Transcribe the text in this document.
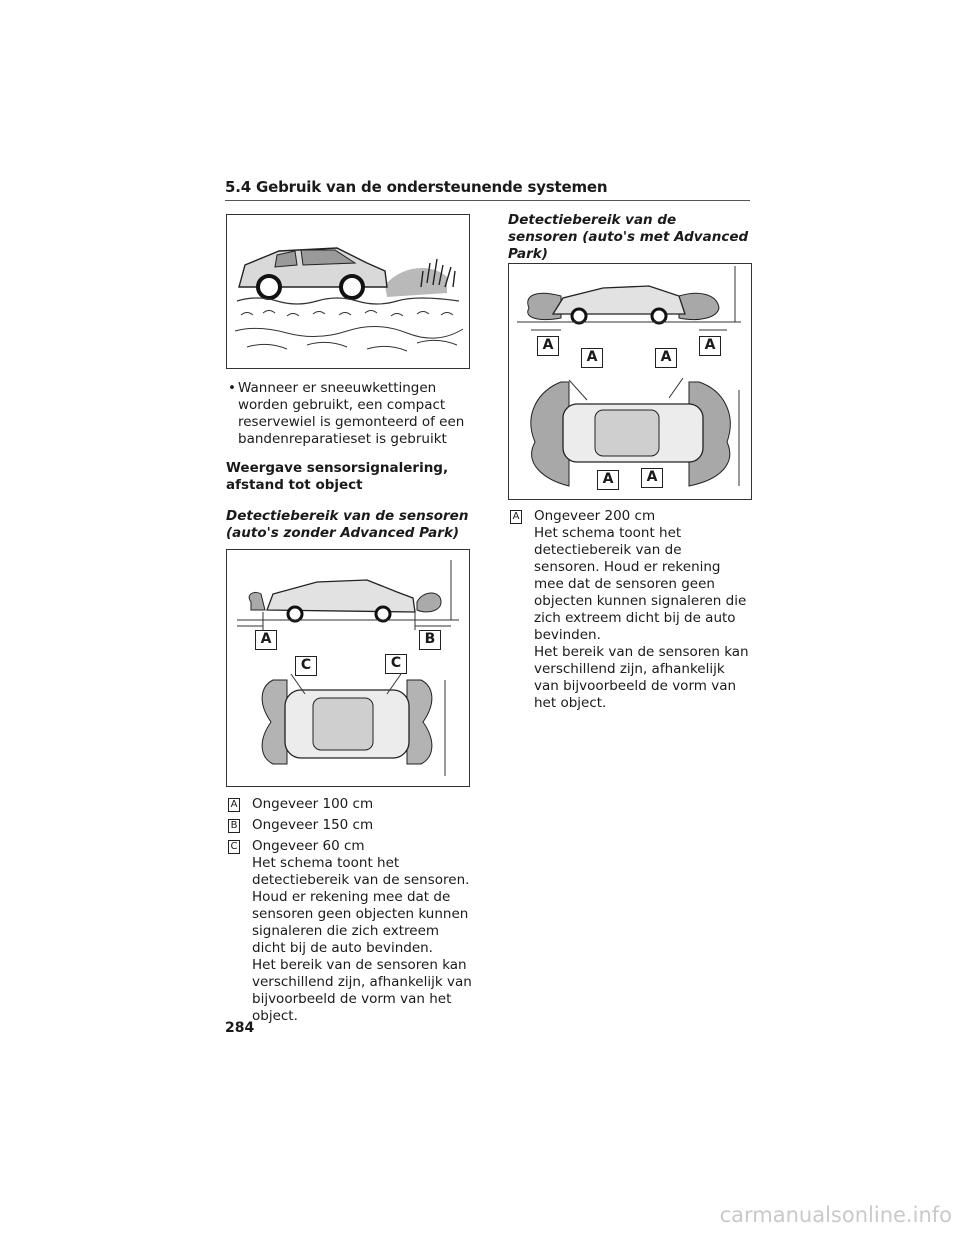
5.4 Gebruik van de ondersteunende systemen

• Wanneer er sneeuwkettingen worden gebruikt, een compact reservewiel is gemonteerd of een bandenreparatieset is gebruikt

Weergave sensorsignalering, afstand tot object

Detectiebereik van de sensoren (auto's zonder Advanced Park)

A	B
C	C

A Ongeveer 100 cm

B Ongeveer 150 cm

C Ongeveer 60 cm

Het schema toont het detectiebereik van de sensoren. Houd er rekening mee dat de sensoren geen objecten kunnen signaleren die zich extreem dicht bij de auto bevinden.

Het bereik van de sensoren kan verschillend zijn, afhankelijk van bijvoorbeeld de vorm van het object.

Detectiebereik van de sensoren (auto's met Advanced Park)

A	A
A	A
A	A

A Ongeveer 200 cm

Het schema toont het detectiebereik van de sensoren. Houd er rekening mee dat de sensoren geen objecten kunnen signaleren die zich extreem dicht bij de auto bevinden.

Het bereik van de sensoren kan verschillend zijn, afhankelijk van bijvoorbeeld de vorm van het object.

284
carmanualsonline.info
